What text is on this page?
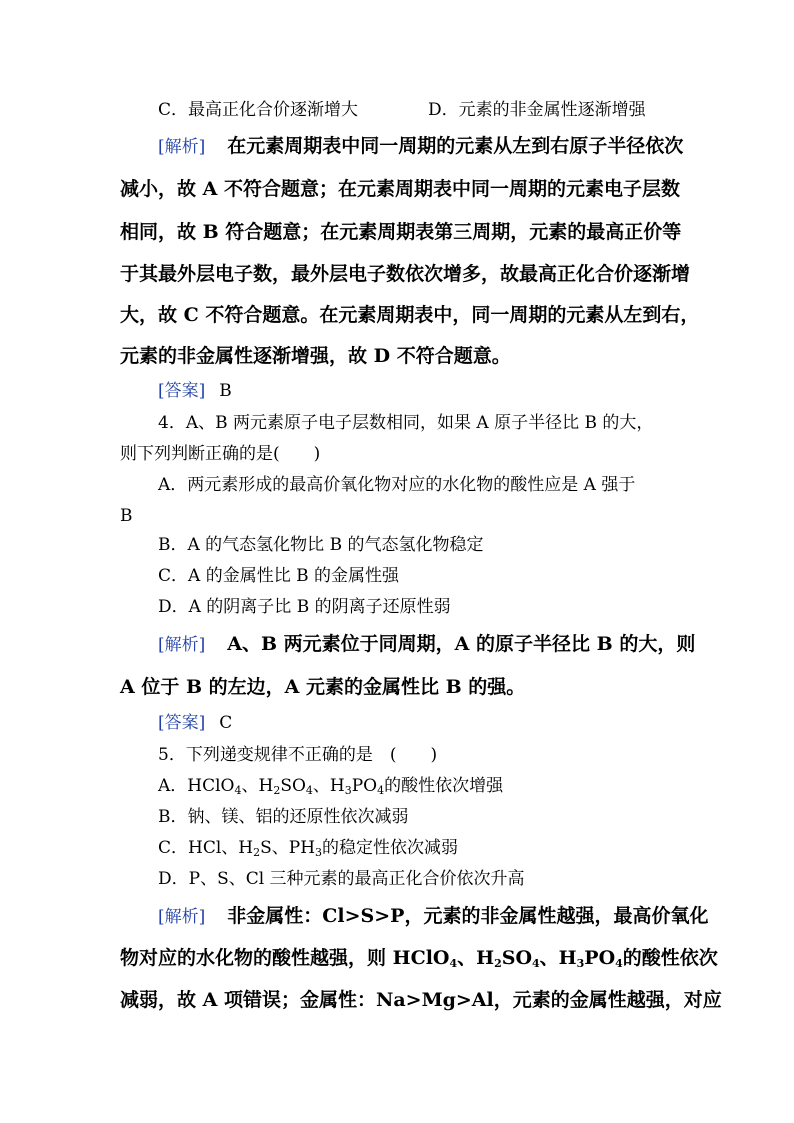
C．最高正化合价逐渐增大	D．元素的非金属性逐渐增强
[解析] 在元素周期表中同一周期的元素从左到右原子半径依次
减小，故 A 不符合题意；在元素周期表中同一周期的元素电子层数
相同，故 B 符合题意；在元素周期表第三周期，元素的最高正价等
于其最外层电子数，最外层电子数依次增多，故最高正化合价逐渐增
大，故 C 不符合题意。在元素周期表中，同一周期的元素从左到右，
元素的非金属性逐渐增强，故 D 不符合题意。
[答案] B
4．A、B 两元素原子电子层数相同，如果 A 原子半径比 B 的大，
则下列判断正确的是(　　)
A．两元素形成的最高价氧化物对应的水化物的酸性应是 A 强于
B
B．A 的气态氢化物比 B 的气态氢化物稳定
C．A 的金属性比 B 的金属性强
D．A 的阴离子比 B 的阴离子还原性弱
[解析] A、B 两元素位于同周期，A 的原子半径比 B 的大，则
A 位于 B 的左边，A 元素的金属性比 B 的强。
[答案] C
5．下列递变规律不正确的是　(　　)
A．HClO$_4$、$H_2SO_4$、$H_3PO_4$的酸性依次增强
B．钠、镁、铝的还原性依次减弱
C．HCl、$H_2S$、$PH_3$的稳定性依次减弱
D．P、S、Cl 三种元素的最高正化合价依次升高
[解析] 非金属性：Cl>S>P，元素的非金属性越强，最高价氧化
物对应的水化物的酸性越强，则 HClO$_4$、$H_2SO_4$、$H_3PO_4$的酸性依次
减弱，故 A 项错误；金属性：Na>Mg>Al，元素的金属性越强，对应
